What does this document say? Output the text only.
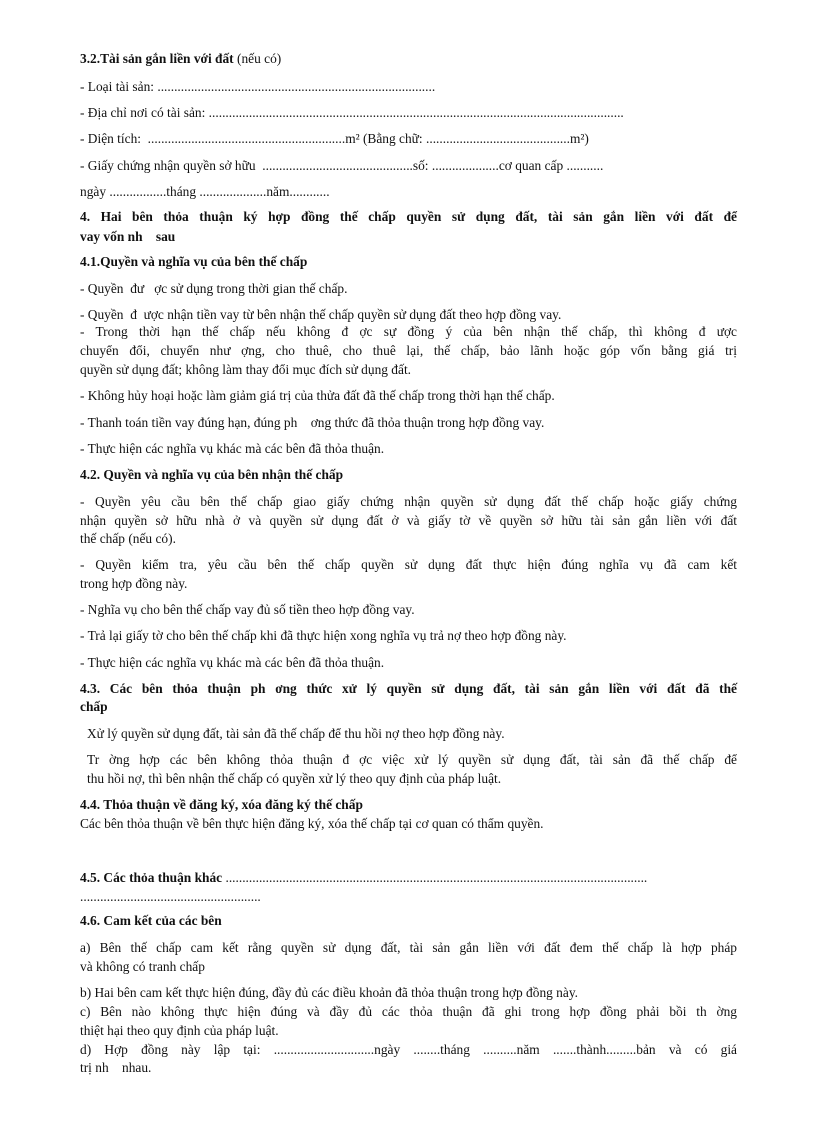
3.2.Tài sản gắn liền với đất (nếu có)
- Loại tài sản: ...................................................................................
- Địa chỉ nơi có tài sản: ............................................................................................................................
- Diện tích:  ...........................................................m² (Bằng chữ: ...........................................m²)
- Giấy chứng nhận quyền sở hữu  .............................................số: ....................cơ quan cấp ...........
ngày .................tháng ....................năm............
4. Hai bên thỏa thuận ký hợp đồng thế chấp quyền sử dụng đất, tài sản gắn liền với đất để
vay vốn nh    sau
4.1.Quyền và nghĩa vụ của bên thế chấp
- Quyền  đư   ợc sử dụng trong thời gian thế chấp.
- Quyền  đ  ược nhận tiền vay từ bên nhận thế chấp quyền sử dụng đất theo hợp đồng vay.
- Trong thời hạn thế chấp nếu không đ ợc sự đồng ý của bên nhận thế chấp, thì không đ ược
chuyển đổi, chuyển như ợng, cho thuê, cho thuê lại, thế chấp, bảo lãnh hoặc góp vốn bằng giá trị
quyền sử dụng đất; không làm thay đổi mục đích sử dụng đất.
- Không hủy hoại hoặc làm giảm giá trị của thửa đất đã thế chấp trong thời hạn thế chấp.
- Thanh toán tiền vay đúng hạn, đúng ph    ơng thức đã thỏa thuận trong hợp đồng vay.
- Thực hiện các nghĩa vụ khác mà các bên đã thỏa thuận.
4.2. Quyền và nghĩa vụ của bên nhận thế chấp
- Quyền yêu cầu bên thế chấp giao giấy chứng nhận quyền sử dụng đất thế chấp hoặc giấy chứng
nhận quyền sở hữu nhà ở và quyền sử dụng đất ở và giấy tờ về quyền sở hữu tài sản gắn liền với đất
thế chấp (nếu có).
- Quyền kiểm tra, yêu cầu bên thế chấp quyền sử dụng đất thực hiện đúng nghĩa vụ đã cam kết
trong hợp đồng này.
- Nghĩa vụ cho bên thế chấp vay đủ số tiền theo hợp đồng vay.
- Trả lại giấy tờ cho bên thế chấp khi đã thực hiện xong nghĩa vụ trả nợ theo hợp đồng này.
- Thực hiện các nghĩa vụ khác mà các bên đã thỏa thuận.
4.3. Các bên thỏa thuận ph ơng thức xử lý quyền sử dụng đất, tài sản gắn liền với đất đã thế
chấp
Xử lý quyền sử dụng đất, tài sản đã thế chấp để thu hồi nợ theo hợp đồng này.
Tr ờng hợp các bên không thỏa thuận đ ợc việc xử lý quyền sử dụng đất, tài sản đã thế chấp để
thu hồi nợ, thì bên nhận thế chấp có quyền xử lý theo quy định của pháp luật.
4.4. Thỏa thuận về đăng ký, xóa đăng ký thế chấp
Các bên thỏa thuận về bên thực hiện đăng ký, xóa thế chấp tại cơ quan có thẩm quyền.
4.5. Các thỏa thuận khác ..............................................................................................................................
......................................................
4.6. Cam kết của các bên
a) Bên thế chấp cam kết rằng quyền sử dụng đất, tài sản gắn liền với đất đem thế chấp là hợp pháp
và không có tranh chấp
b) Hai bên cam kết thực hiện đúng, đầy đủ các điều khoản đã thỏa thuận trong hợp đồng này.
c) Bên nào không thực hiện đúng và đầy đủ các thỏa thuận đã ghi trong hợp đồng phải bồi th ờng
thiệt hại theo quy định của pháp luật.
d) Hợp đồng này lập tại: ..............................ngày ........tháng ..........năm .......thành.........bản và có giá
trị nh    nhau.
